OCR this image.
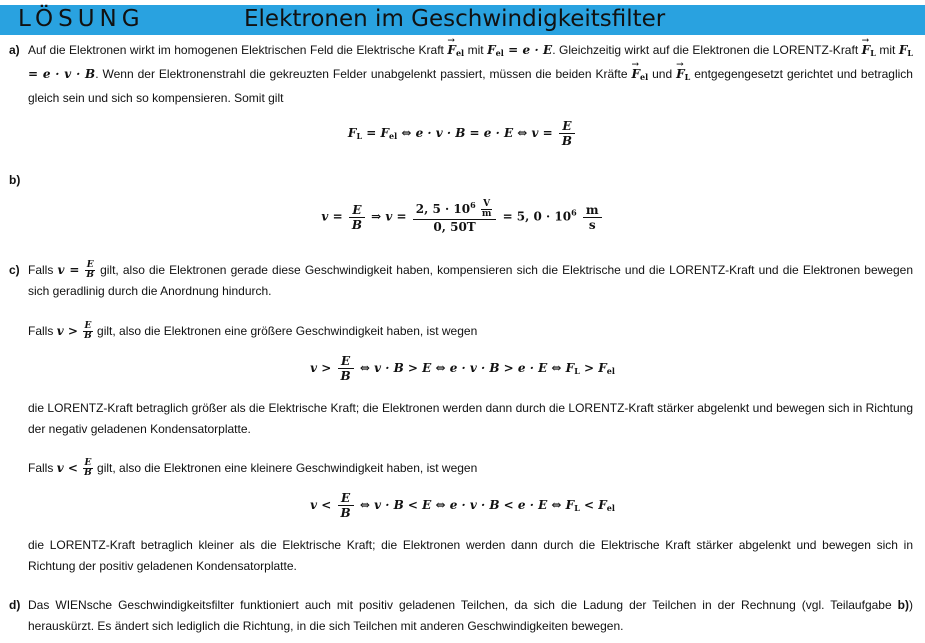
LÖSUNG	Elektronen im Geschwindigkeitsfilter
a) Auf die Elektronen wirkt im homogenen Elektrischen Feld die Elektrische Kraft → $F_{el}$ mit $F_{el} = e \cdot E$. Gleichzeitig wirkt auf die Elektronen die LORENTZ-Kraft → $F_L$ mit $F_L = e \cdot v \cdot B$. Wenn der Elektronenstrahl die gekreuzten Felder unabgelenkt passiert, müssen die beiden Kräfte → $F_{el}$ und → $F_L$ entgegengesetzt gerichtet und betraglich gleich sein und sich so kompensieren. Somit gilt
$F_L = F_{el}$ ⇔ e · v · B = e · E ⇔ $v = \frac{E}{B}$
b)
$v = \frac{E}{B}$ ⇒ $v = \frac{2, 5 \cdot 10^6 \frac{V}{m}}{0, 50T} = 5$, $0 \cdot 10^6 \frac{m}{s}$
c) Falls $v = \frac{E}{B}$ gilt, also die Elektronen gerade diese Geschwindigkeit haben, kompensieren sich die Elektrische und die LORENTZ-Kraft und die Elektronen bewegen sich geradlinig durch die Anordnung hindurch.
Falls $v > \frac{E}{B}$ gilt, also die Elektronen eine größere Geschwindigkeit haben, ist wegen
$v > \frac{E}{B}$ ⇔ v · B > E ⇔ e · v · B > e · E ⇔ $F_L > F_{el}$
die LORENTZ-Kraft betraglich größer als die Elektrische Kraft; die Elektronen werden dann durch die LORENTZ-Kraft stärker abgelenkt und bewegen sich in Richtung der negativ geladenen Kondensatorplatte.
Falls $v < \frac{E}{B}$ gilt, also die Elektronen eine kleinere Geschwindigkeit haben, ist wegen
$v < \frac{E}{B}$ ⇔ v · B < E ⇔ e · v · B < e · E ⇔ $F_L < F_{el}$
die LORENTZ-Kraft betraglich kleiner als die Elektrische Kraft; die Elektronen werden dann durch die Elektrische Kraft stärker abgelenkt und bewegen sich in Richtung der positiv geladenen Kondensatorplatte.
d) Das WIENsche Geschwindigkeitsfilter funktioniert auch mit positiv geladenen Teilchen, da sich die Ladung der Teilchen in der Rechnung (vgl. Teilaufgabe b)) herauskürzt. Es ändert sich lediglich die Richtung, in die sich Teilchen mit anderen Geschwindigkeiten bewegen.
